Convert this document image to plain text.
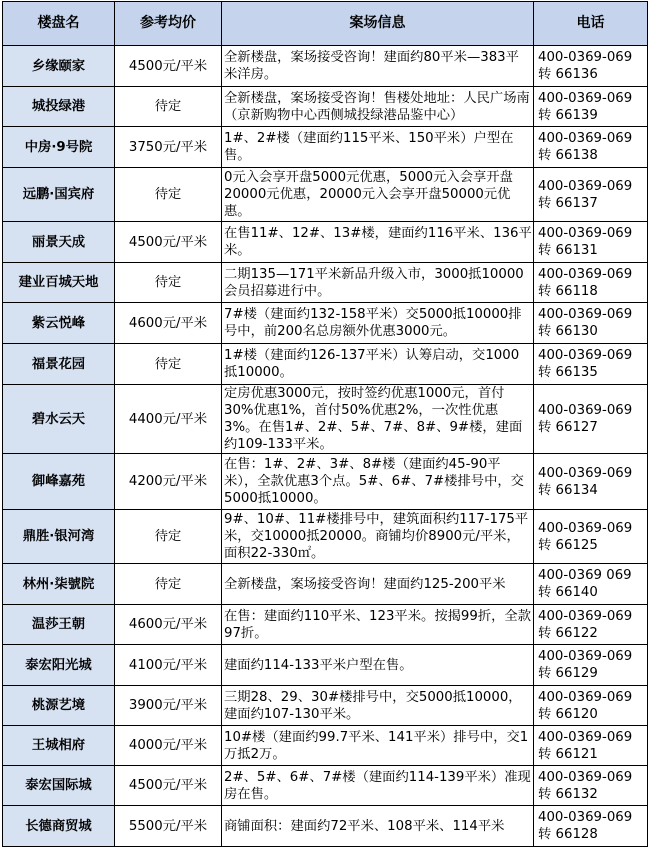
楼盘名	参考均价	案场信息	电话
乡缘颐家	4500元/平米	全新楼盘，案场接受咨询！建面约80平米—383平米洋房。	400-0369-069
转 66136

城投绿港	待定	全新楼盘，案场接受咨询！售楼处地址：人民广场南（京新购物中心西侧城投绿港品鉴中心）	400-0369-069
转 66139

中房·9号院	3750元/平米	1#、2#楼（建面约115平米、150平米）户型在售。	400-0369-069
转 66138

远鹏·国宾府	待定	0元入会享开盘5000元优惠，5000元入会享开盘20000元优惠，20000元入会享开盘50000元优惠。	400-0369-069
转 66137

丽景天成	4500元/平米	在售11#、12#、13#楼，建面约116平米、136平米。	400-0369-069
转 66131

建业百城天地	待定	二期135—171平米新品升级入市，3000抵10000会员招募进行中。	400-0369-069
转 66118

紫云悦峰	4600元/平米	7#楼（建面约132-158平米）交5000抵10000排号中，前200名总房额外优惠3000元。	400-0369-069
转 66130

福景花园	待定	1#楼（建面约126-137平米）认筹启动，交1000抵10000。	400-0369-069
转 66135

碧水云天	4400元/平米	定房优惠3000元，按时签约优惠1000元，首付30%优惠1%，首付50%优惠2%，一次性优惠3%。在售1#、2#、5#、7#、8#、9#楼，建面约109-133平米。	400-0369-069
转 66127

御峰嘉苑	4200元/平米	在售：1#、2#、3#、8#楼（建面约45-90平米），全款优惠3个点。5#、6#、7#楼排号中，交5000抵10000。	400-0369-069
转 66134

鼎胜·银河湾	待定	9#、10#、11#楼排号中，建筑面积约117-175平米，交10000抵20000。商铺均价8900元/平米，面积22-330㎡。	400-0369-069
转 66125

林州·柒號院	待定	全新楼盘，案场接受咨询！建面约125-200平米	400-0369 069
转 66140

温莎王朝	4600元/平米	在售：建面约110平米、123平米。按揭99折，全款97折。	400-0369-069
转 66122

泰宏阳光城	4100元/平米	建面约114-133平米户型在售。	400-0369-069
转 66129

桃源艺境	3900元/平米	三期28、29、30#楼排号中，交5000抵10000，建面约107-130平米。	400-0369-069
转 66120

王城相府	4000元/平米	10#楼（建面约99.7平米、141平米）排号中，交1万抵2万。	400-0369-069
转 66121

泰宏国际城	4500元/平米	2#、5#、6#、7#楼（建面约114-139平米）准现房在售。	400-0369-069
转 66132

长德商贸城	5500元/平米	商铺面积：建面约72平米、108平米、114平米	400-0369-069
转 66128
